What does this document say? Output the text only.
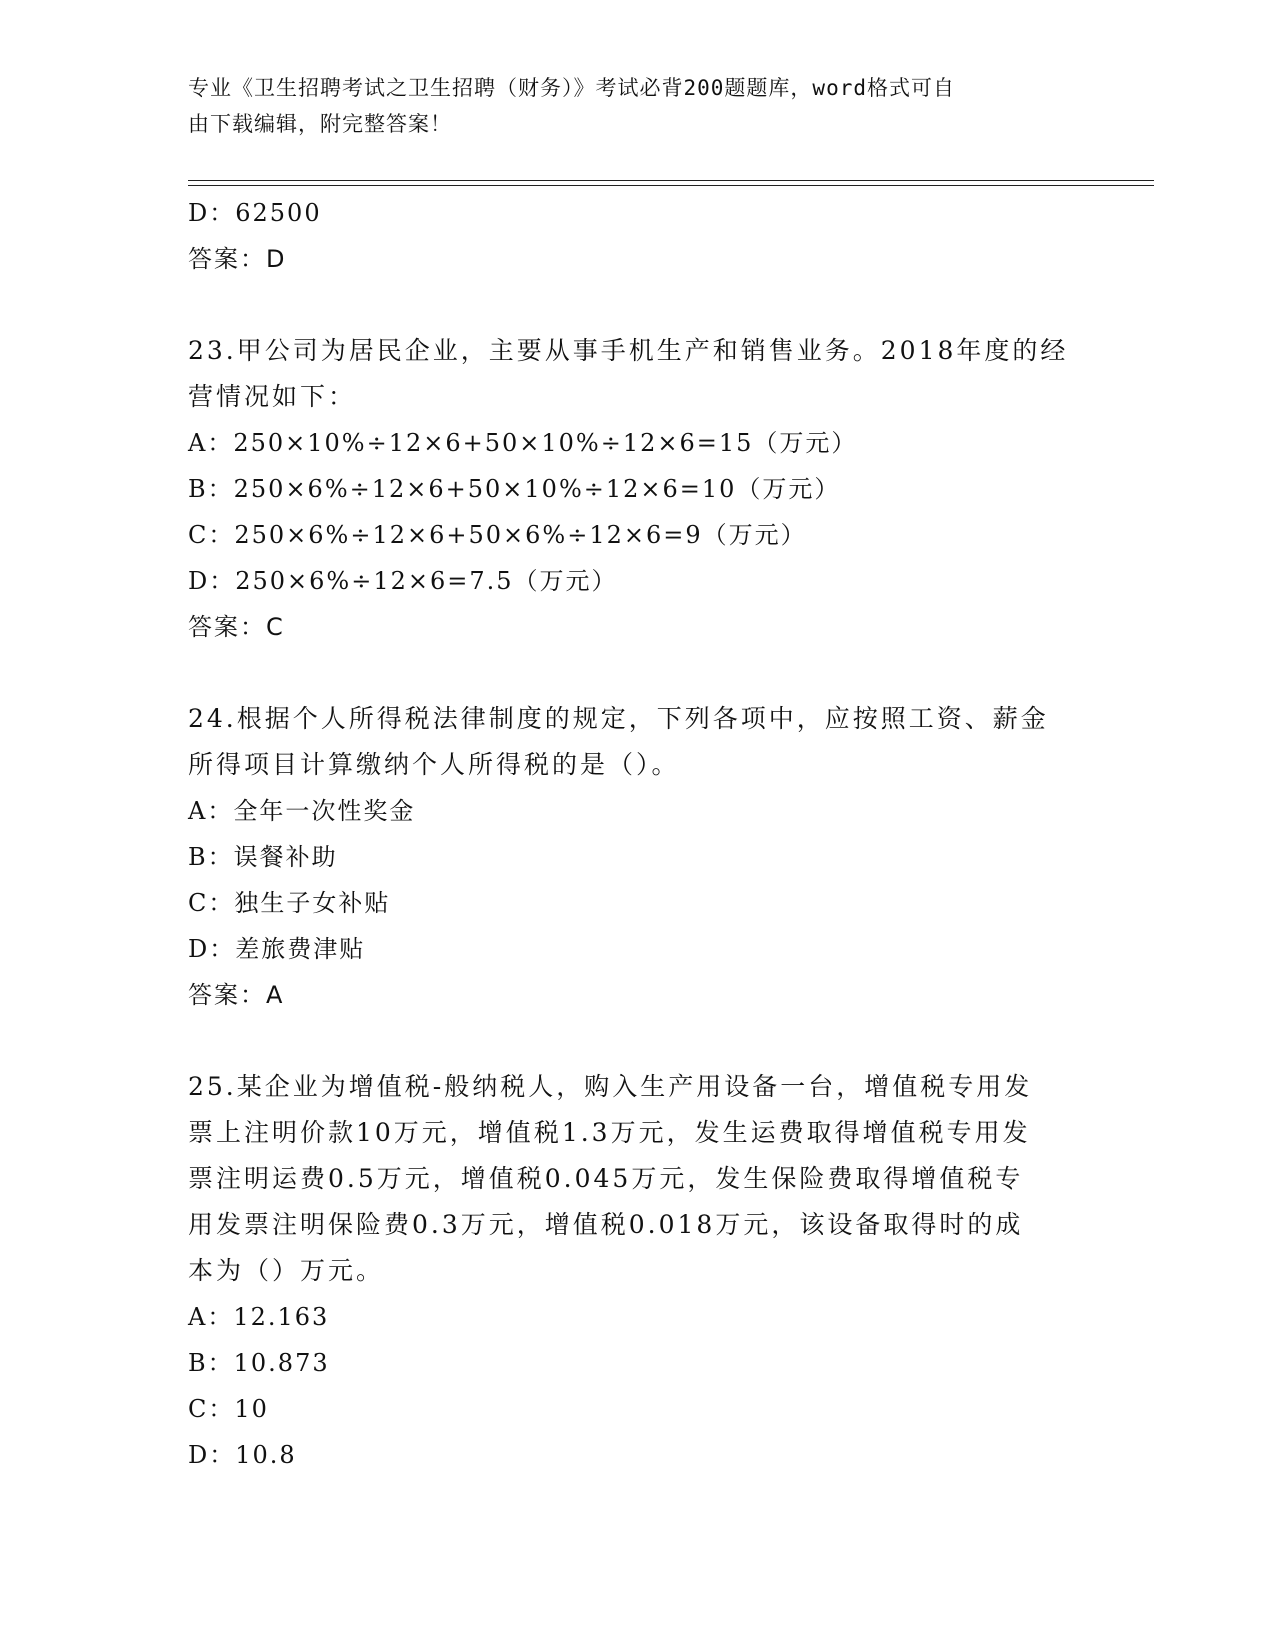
专业《卫生招聘考试之卫生招聘（财务）》考试必背200题题库，word格式可自
由下载编辑，附完整答案！
D：62500
答案：D
23.甲公司为居民企业，主要从事手机生产和销售业务。2018年度的经
营情况如下：
A：250×10%÷12×6+50×10%÷12×6=15（万元）
B：250×6%÷12×6+50×10%÷12×6=10（万元）
C：250×6%÷12×6+50×6%÷12×6=9（万元）
D：250×6%÷12×6=7.5（万元）
答案：C
24.根据个人所得税法律制度的规定，下列各项中，应按照工资、薪金
所得项目计算缴纳个人所得税的是（）。
A：全年一次性奖金
B：误餐补助
C：独生子女补贴
D：差旅费津贴
答案：A
25.某企业为增值税-般纳税人，购入生产用设备一台，增值税专用发
票上注明价款10万元，增值税1.3万元，发生运费取得增值税专用发
票注明运费0.5万元，增值税0.045万元，发生保险费取得增值税专
用发票注明保险费0.3万元，增值税0.018万元，该设备取得时的成
本为（）万元。
A：12.163
B：10.873
C：10
D：10.8
